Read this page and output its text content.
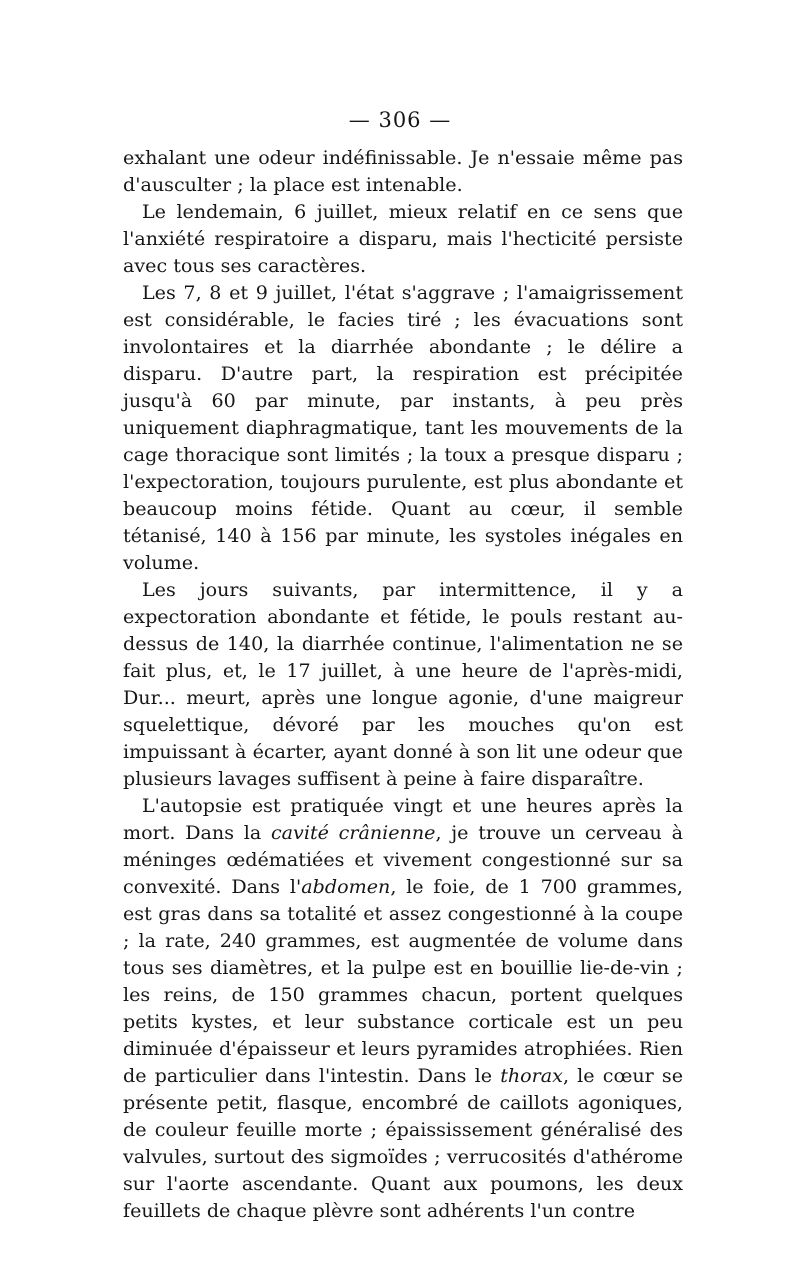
— 306 —

exhalant une odeur indéfinissable. Je n'essaie même pas d'ausculter ; la place est intenable.

Le lendemain, 6 juillet, mieux relatif en ce sens que l'anxiété respiratoire a disparu, mais l'hecticité persiste avec tous ses caractères.

Les 7, 8 et 9 juillet, l'état s'aggrave ; l'amaigrissement est considérable, le facies tiré ; les évacuations sont involontaires et la diarrhée abondante ; le délire a disparu. D'autre part, la respiration est précipitée jusqu'à 60 par minute, par instants, à peu près uniquement diaphragmatique, tant les mouvements de la cage thoracique sont limités ; la toux a presque disparu ; l'expectoration, toujours purulente, est plus abondante et beaucoup moins fétide. Quant au cœur, il semble tétanisé, 140 à 156 par minute, les systoles inégales en volume.

Les jours suivants, par intermittence, il y a expectoration abondante et fétide, le pouls restant au-dessus de 140, la diarrhée continue, l'alimentation ne se fait plus, et, le 17 juillet, à une heure de l'après-midi, Dur... meurt, après une longue agonie, d'une maigreur squelettique, dévoré par les mouches qu'on est impuissant à écarter, ayant donné à son lit une odeur que plusieurs lavages suffisent à peine à faire disparaître.

L'autopsie est pratiquée vingt et une heures après la mort. Dans la cavité crânienne, je trouve un cerveau à méninges œdématiées et vivement congestionné sur sa convexité. Dans l'abdomen, le foie, de 1 700 grammes, est gras dans sa totalité et assez congestionné à la coupe ; la rate, 240 grammes, est augmentée de volume dans tous ses diamètres, et la pulpe est en bouillie lie-de-vin ; les reins, de 150 grammes chacun, portent quelques petits kystes, et leur substance corticale est un peu diminuée d'épaisseur et leurs pyramides atrophiées. Rien de particulier dans l'intestin. Dans le thorax, le cœur se présente petit, flasque, encombré de caillots agoniques, de couleur feuille morte ; épaississement généralisé des valvules, surtout des sigmoïdes ; verrucosités d'athérome sur l'aorte ascendante. Quant aux poumons, les deux feuillets de chaque plèvre sont adhérents l'un contre
